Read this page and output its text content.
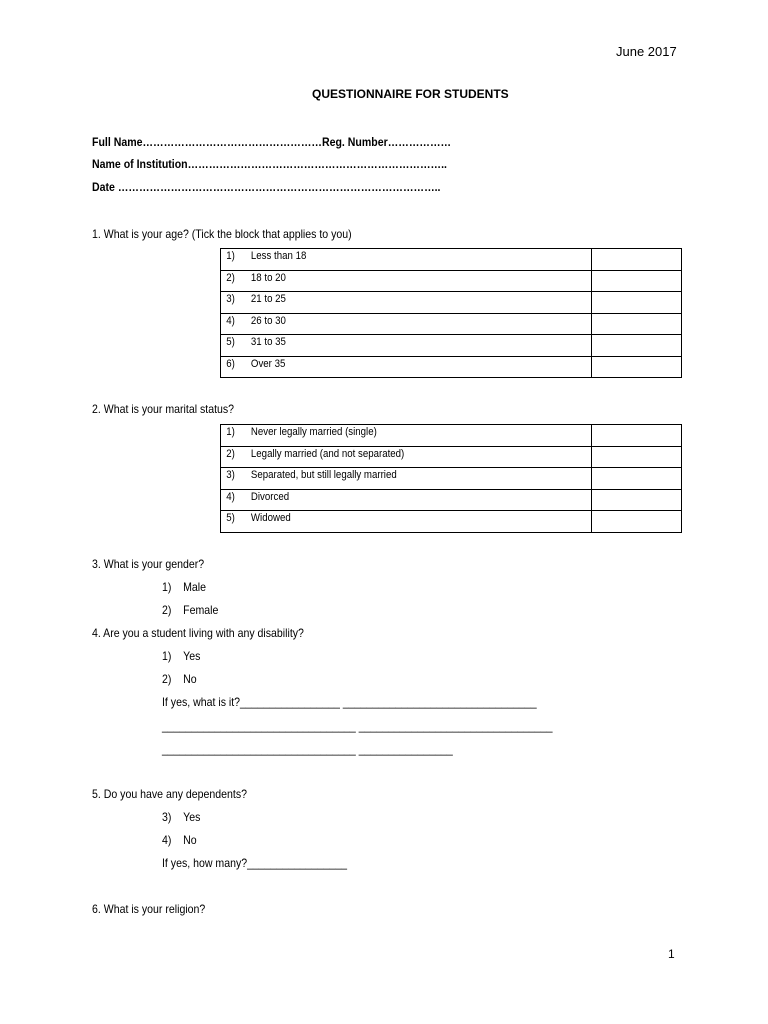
June 2017
QUESTIONNAIRE FOR STUDENTS
Full Name……………………………………………Reg. Number………………
Name of Institution………………………………………………………………..
Date ………………………………………………………………………………..
1. What is your age? (Tick the block that applies to you)
1) Less than 18	
2) 18 to 20	
3) 21 to 25	
4) 26 to 30	
5) 31 to 35	
6) Over 35	
2. What is your marital status?
1) Never legally married (single)	
2) Legally married (and not separated)	
3) Separated, but still legally married	
4) Divorced	
5) Widowed	
3. What is your gender?
1) Male
2) Female
4. Are you a student living with any disability?
1) Yes
2) No
If yes, what is it?_________________ _________________________________
_________________________________ _________________________________
_________________________________ ________________
5. Do you have any dependents?
3) Yes
4) No
If yes, how many?_________________
6. What is your religion?
1
